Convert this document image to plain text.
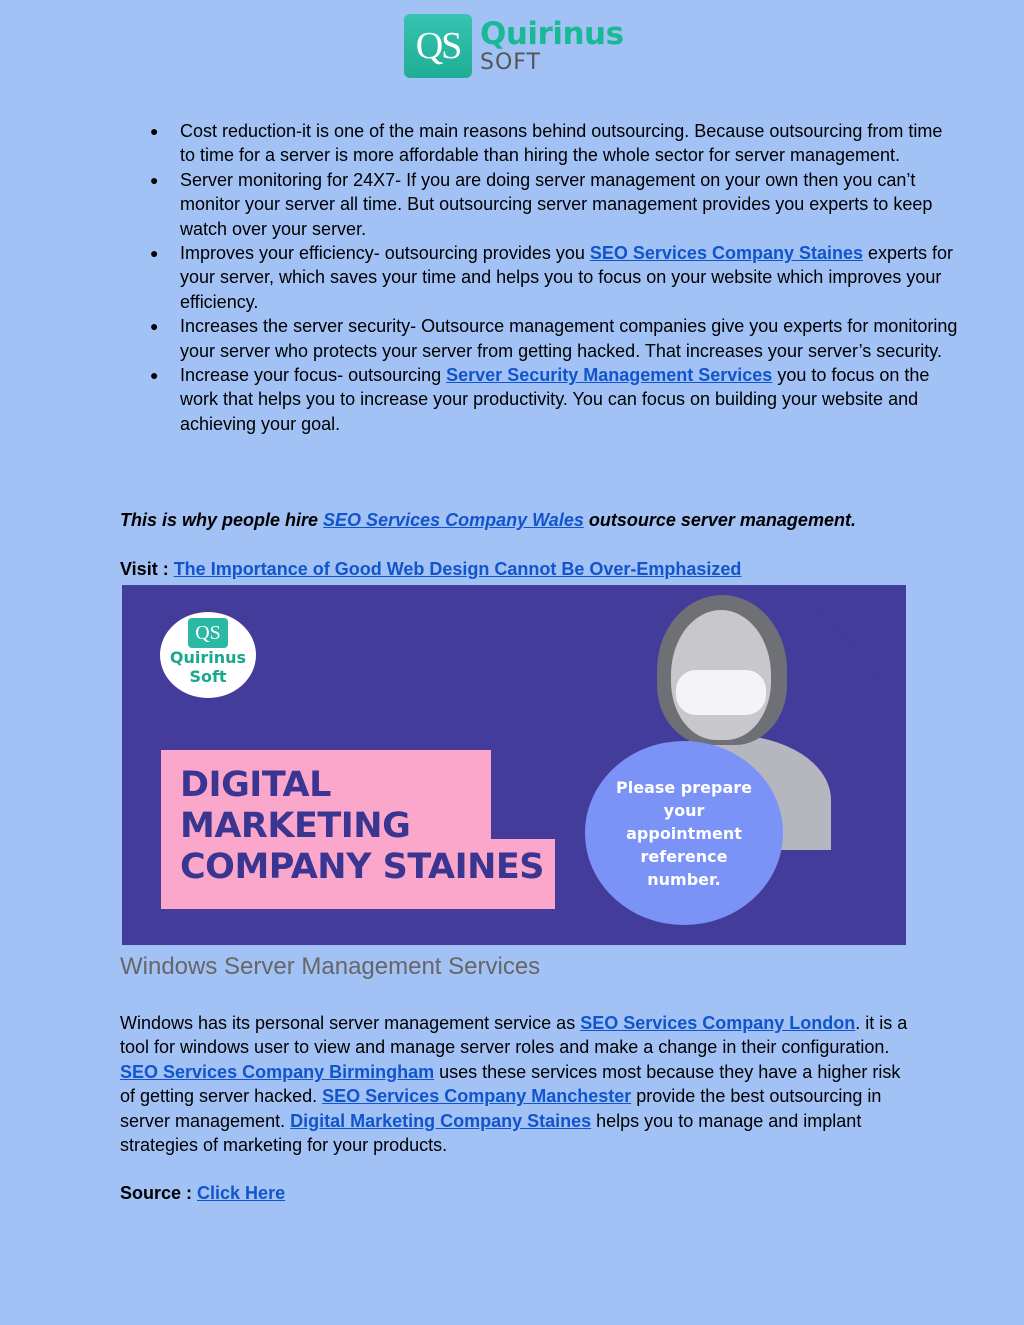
QS Quirinus
SOFT
● Cost reduction-it is one of the main reasons behind outsourcing. Because outsourcing from time to time for a server is more affordable than hiring the whole sector for server management.
● Server monitoring for 24X7- If you are doing server management on your own then you can’t monitor your server all time. But outsourcing server management provides you experts to keep watch over your server.
● Improves your efficiency- outsourcing provides you SEO Services Company Staines experts for your server, which saves your time and helps you to focus on your website which improves your efficiency.
● Increases the server security- Outsource management companies give you experts for monitoring your server who protects your server from getting hacked. That increases your server’s security.
● Increase your focus- outsourcing Server Security Management Services you to focus on the work that helps you to increase your productivity. You can focus on building your website and achieving your goal.
This is why people hire SEO Services Company Wales outsource server management.
Visit : The Importance of Good Web Design Cannot Be Over-Emphasized
QS
Quirinus
Soft
DIGITAL
MARKETING
COMPANY STAINES
Please prepare your appointment reference number.
Windows Server Management Services
Windows has its personal server management service as SEO Services Company London. it is a tool for windows user to view and manage server roles and make a change in their configuration. SEO Services Company Birmingham uses these services most because they have a higher risk of getting server hacked. SEO Services Company Manchester provide the best outsourcing in server management. Digital Marketing Company Staines helps you to manage and implant strategies of marketing for your products.
Source : Click Here
